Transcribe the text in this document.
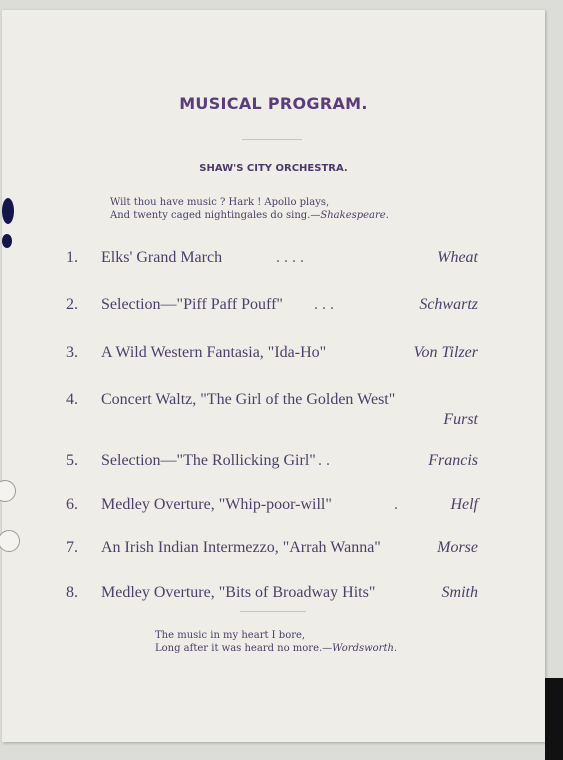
MUSICAL PROGRAM.
SHAW'S CITY ORCHESTRA.
Wilt thou have music ? Hark ! Apollo plays,
And twenty caged nightingales do sing.—Shakespeare.
1. Elks' Grand March	. . . .	Wheat
2. Selection—"Piff Paff Pouff" . . .	Schwartz
3. A Wild Western Fantasia, "Ida-Ho"	Von Tilzer
4. Concert Waltz, "The Girl of the Golden West"
Furst
5. Selection—"The Rollicking Girl" . .	Francis
6. Medley Overture, "Whip-poor-will"	.	Helf
7. An Irish Indian Intermezzo, "Arrah Wanna"	Morse
8. Medley Overture, "Bits of Broadway Hits"	Smith
The music in my heart I bore,
Long after it was heard no more.—Wordsworth.
